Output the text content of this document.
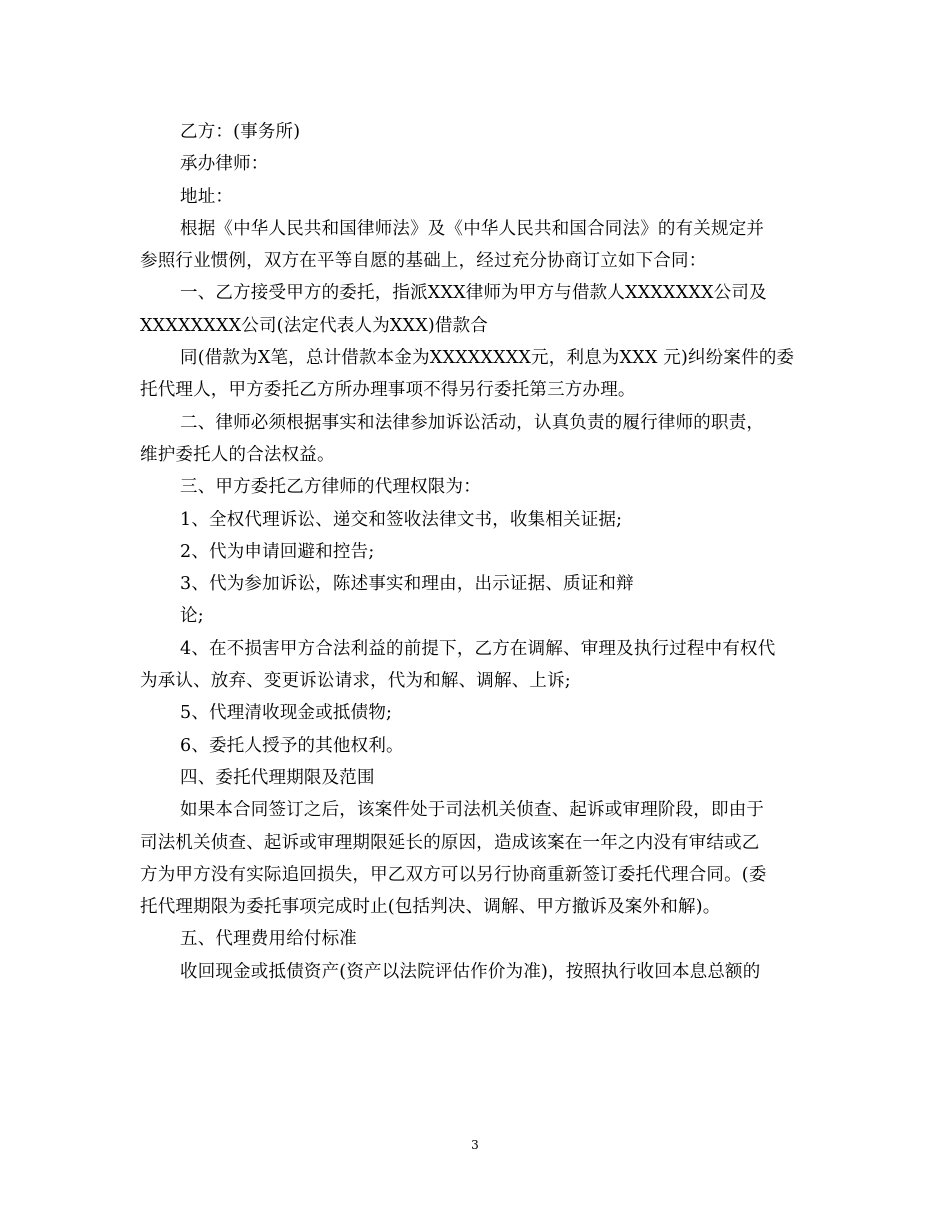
乙方：(事务所)
承办律师：
地址：
根据《中华人民共和国律师法》及《中华人民共和国合同法》的有关规定并
参照行业惯例，双方在平等自愿的基础上，经过充分协商订立如下合同：
一、乙方接受甲方的委托，指派XXX律师为甲方与借款人XXXXXXX公司及
XXXXXXXX公司(法定代表人为XXX)借款合
同(借款为X笔，总计借款本金为XXXXXXXX元，利息为XXX 元)纠纷案件的委
托代理人，甲方委托乙方所办理事项不得另行委托第三方办理。
二、律师必须根据事实和法律参加诉讼活动，认真负责的履行律师的职责，
维护委托人的合法权益。
三、甲方委托乙方律师的代理权限为：
1、全权代理诉讼、递交和签收法律文书，收集相关证据;
2、代为申请回避和控告;
3、代为参加诉讼，陈述事实和理由，出示证据、质证和辩
论;
4、在不损害甲方合法利益的前提下，乙方在调解、审理及执行过程中有权代
为承认、放弃、变更诉讼请求，代为和解、调解、上诉;
5、代理清收现金或抵债物;
6、委托人授予的其他权利。
四、委托代理期限及范围
如果本合同签订之后，该案件处于司法机关侦查、起诉或审理阶段，即由于
司法机关侦查、起诉或审理期限延长的原因，造成该案在一年之内没有审结或乙
方为甲方没有实际追回损失，甲乙双方可以另行协商重新签订委托代理合同。(委
托代理期限为委托事项完成时止(包括判决、调解、甲方撤诉及案外和解)。
五、代理费用给付标准
收回现金或抵债资产(资产以法院评估作价为准)，按照执行收回本息总额的
3
